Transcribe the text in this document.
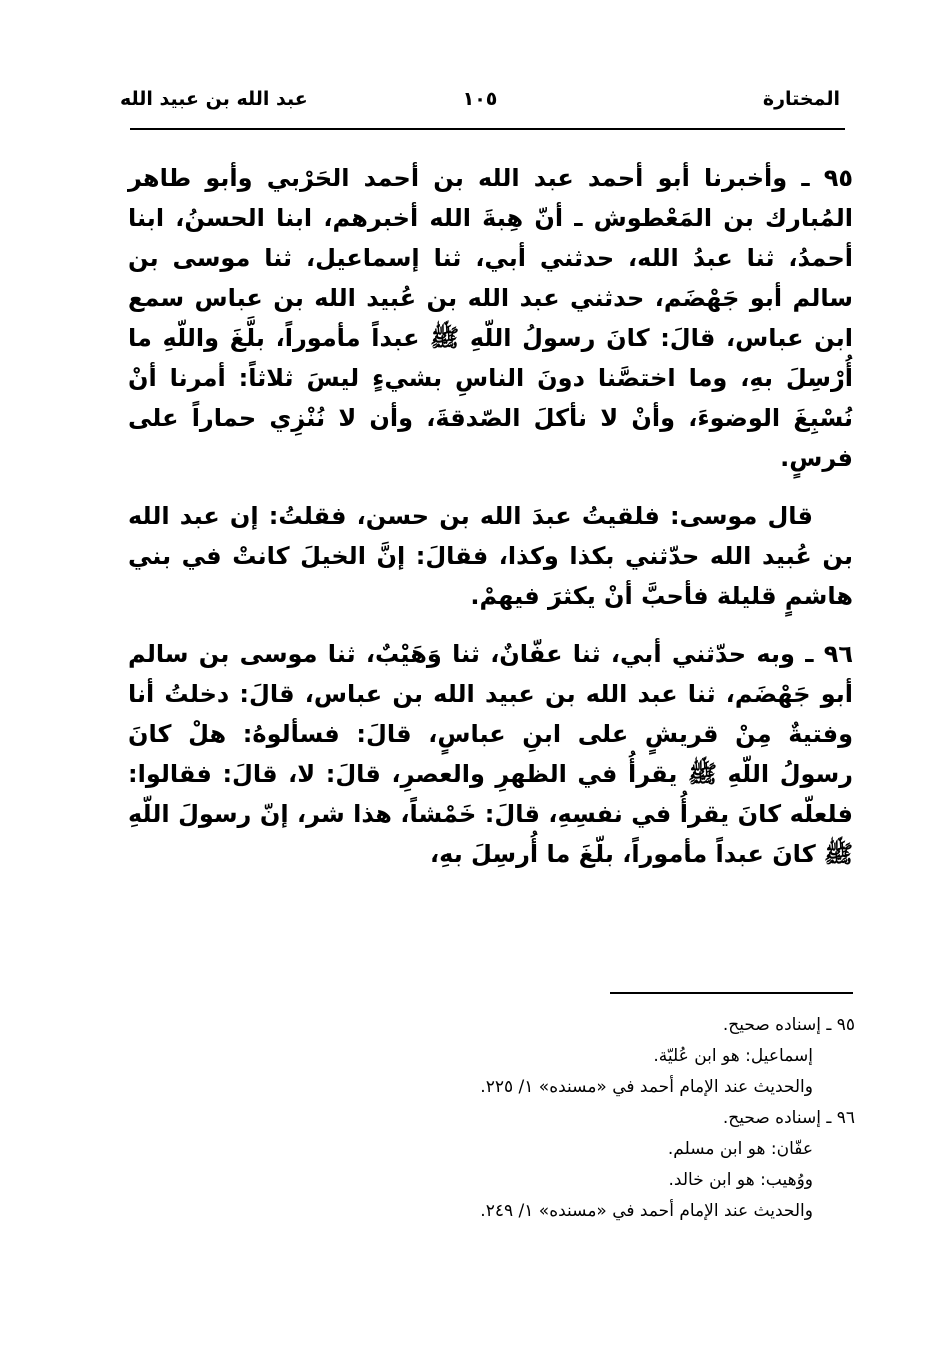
المختارة
١٠٥
عبد الله بن عبيد الله

٩٥ ـ وأخبرنا أبو أحمد عبد الله بن أحمد الحَرْبي وأبو طاهر المُبارك بن المَعْطوش ـ أنّ هِبةَ الله أخبرهم، ابنا الحسنُ، ابنا أحمدُ، ثنا عبدُ الله، حدثني أبي، ثنا إسماعيل، ثنا موسى بن سالم أبو جَهْضَم، حدثني عبد الله بن عُبيد الله بن عباس سمع ابن عباس، قالَ: كانَ رسولُ اللّهِ ﷺ عبداً مأموراً، بلَّغَ واللّهِ ما أُرْسِلَ بهِ، وما اختصَّنا دونَ الناسِ بشيءٍ ليسَ ثلاثاً: أمرنا أنْ نُسْبِغَ الوضوءَ، وأنْ لا نأكلَ الصّدقةَ، وأن لا نُنْزِي حماراً على فرسٍ.

قال موسى: فلقيتُ عبدَ الله بن حسن، فقلتُ: إن عبد الله بن عُبيد الله حدّثني بكذا وكذا، فقالَ: إنَّ الخيلَ كانتْ في بني هاشمٍ قليلة فأحبَّ أنْ يكثرَ فيهمْ.

٩٦ ـ وبه حدّثني أبي، ثنا عفّانٌ، ثنا وَهَيْبٌ، ثنا موسى بن سالم أبو جَهْضَم، ثنا عبد الله بن عبيد الله بن عباس، قالَ: دخلتُ أنا وفتيةٌ مِنْ قريشٍ على ابنِ عباسٍ، قالَ: فسألوهُ: هلْ كانَ رسولُ اللّهِ ﷺ يقرأُ في الظهرِ والعصرِ، قالَ: لا، قالَ: فقالوا: فلعلّه كانَ يقرأُ في نفسِهِ، قالَ: خَمْشاً، هذا شر، إنّ رسولَ اللّهِ ﷺ كانَ عبداً مأموراً، بلّغَ ما أُرسِلَ بهِ،

٩٥ ـ إسناده صحيح.

إسماعيل: هو ابن عُليّة.

والحديث عند الإمام أحمد في «مسنده» ١/ ٢٢٥.

٩٦ ـ إسناده صحيح.

عفّان: هو ابن مسلم.

ووُهيب: هو ابن خالد.

والحديث عند الإمام أحمد في «مسنده» ١/ ٢٤٩.
